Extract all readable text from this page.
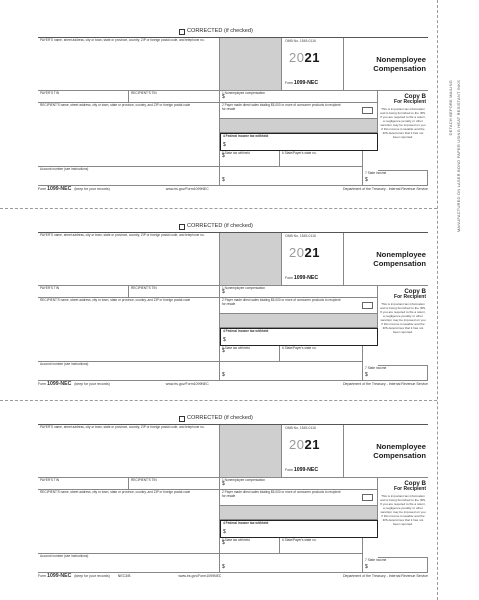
DETACH BEFORE MAILING MANUFACTURED ON LASER BOND PAPER USING HEAT RESISTANT INKS
CORRECTED (if checked)
PAYER'S name, street address, city or town, state or province, country, ZIP or foreign postal code, and telephone no.	OMB No. 1545-0116
2021
Form 1099-NEC
Nonemployee
Compensation
PAYER'S TIN	RECIPIENT'S TIN	1 Nonemployee compensation
$
RECIPIENT'S name, street address, city or town, state or province, country, and ZIP or foreign postal code	2 Payer made direct sales totaling $5,000 or more of consumer products to recipient for resale
4 Federal income tax withheld
$
Copy B
For Recipient
This is important tax information and is being furnished to the IRS. If you are required to file a return, a negligence penalty or other sanction may be imposed on you if this income is taxable and the IRS determines that it has not been reported.
5 State tax withheld
$
6 State/Payer's state no.
7 State income
$
Account number (see instructions)
$
Form 1099-NEC (keep for your records)	www.irs.gov/Form1099NEC	Department of the Treasury - Internal Revenue Service
CORRECTED (if checked)
PAYER'S name, street address, city or town, state or province, country, ZIP or foreign postal code, and telephone no.	OMB No. 1545-0116
2021
Form 1099-NEC
Nonemployee
Compensation
PAYER'S TIN	RECIPIENT'S TIN	1 Nonemployee compensation
$
RECIPIENT'S name, street address, city or town, state or province, country, and ZIP or foreign postal code	2 Payer made direct sales totaling $5,000 or more of consumer products to recipient for resale
4 Federal income tax withheld
$
Copy B
For Recipient
This is important tax information and is being furnished to the IRS. If you are required to file a return, a negligence penalty or other sanction may be imposed on you if this income is taxable and the IRS determines that it has not been reported.
5 State tax withheld
$
6 State/Payer's state no.
7 State income
$
Account number (see instructions)
$
Form 1099-NEC (keep for your records)	www.irs.gov/Form1099NEC	Department of the Treasury - Internal Revenue Service
CORRECTED (if checked)
PAYER'S name, street address, city or town, state or province, country, ZIP or foreign postal code, and telephone no.	OMB No. 1545-0116
2021
Form 1099-NEC
Nonemployee
Compensation
PAYER'S TIN	RECIPIENT'S TIN	1 Nonemployee compensation
$
RECIPIENT'S name, street address, city or town, state or province, country, and ZIP or foreign postal code	2 Payer made direct sales totaling $5,000 or more of consumer products to recipient for resale
4 Federal income tax withheld
$
Copy B
For Recipient
This is important tax information and is being furnished to the IRS. If you are required to file a return, a negligence penalty or other sanction may be imposed on you if this income is taxable and the IRS determines that it has not been reported.
5 State tax withheld
$
6 State/Payer's state no.
7 State income
$
Account number (see instructions)
$
Form 1099-NEC (keep for your records) NEC3/B	www.irs.gov/Form1099NEC	Department of the Treasury - Internal Revenue Service
